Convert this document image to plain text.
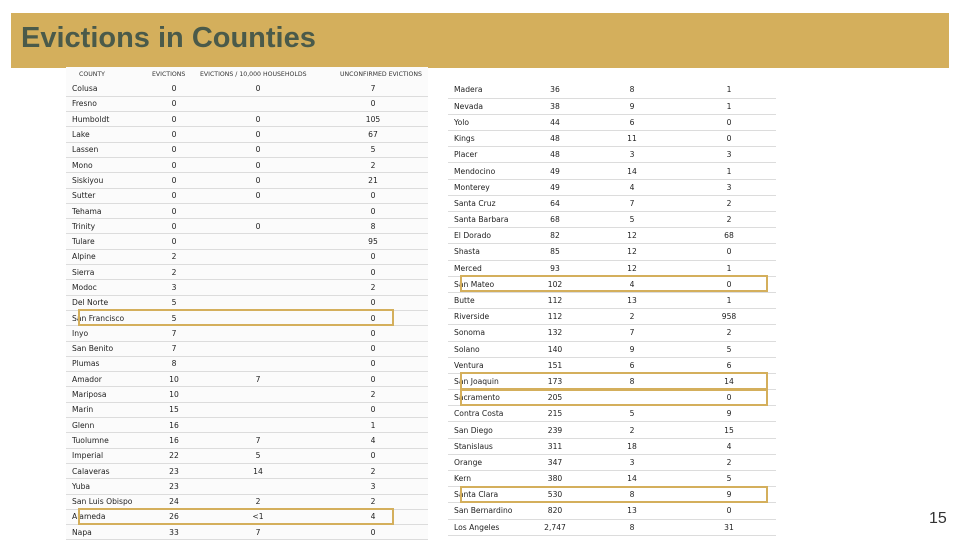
Evictions in Counties
COUNTY	EVICTIONS	EVICTIONS / 10,000 HOUSEHOLDS	UNCONFIRMED EVICTIONS
Colusa	0	0	7
Fresno	0		0
Humboldt	0	0	105
Lake	0	0	67
Lassen	0	0	5
Mono	0	0	2
Siskiyou	0	0	21
Sutter	0	0	0
Tehama	0		0
Trinity	0	0	8
Tulare	0		95
Alpine	2		0
Sierra	2		0
Modoc	3		2
Del Norte	5		0
San Francisco	5		0
Inyo	7		0
San Benito	7		0
Plumas	8		0
Amador	10	7	0
Mariposa	10		2
Marin	15		0
Glenn	16		1
Tuolumne	16	7	4
Imperial	22	5	0
Calaveras	23	14	2
Yuba	23		3
San Luis Obispo	24	2	2
Alameda	26	<1	4
Napa	33	7	0
Madera	36	8	1
Nevada	38	9	1
Yolo	44	6	0
Kings	48	11	0
Placer	48	3	3
Mendocino	49	14	1
Monterey	49	4	3
Santa Cruz	64	7	2
Santa Barbara	68	5	2
El Dorado	82	12	68
Shasta	85	12	0
Merced	93	12	1
San Mateo	102	4	0
Butte	112	13	1
Riverside	112	2	958
Sonoma	132	7	2
Solano	140	9	5
Ventura	151	6	6
San Joaquin	173	8	14
Sacramento	205		0
Contra Costa	215	5	9
San Diego	239	2	15
Stanislaus	311	18	4
Orange	347	3	2
Kern	380	14	5
Santa Clara	530	8	9
San Bernardino	820	13	0
Los Angeles	2,747	8	31
15
